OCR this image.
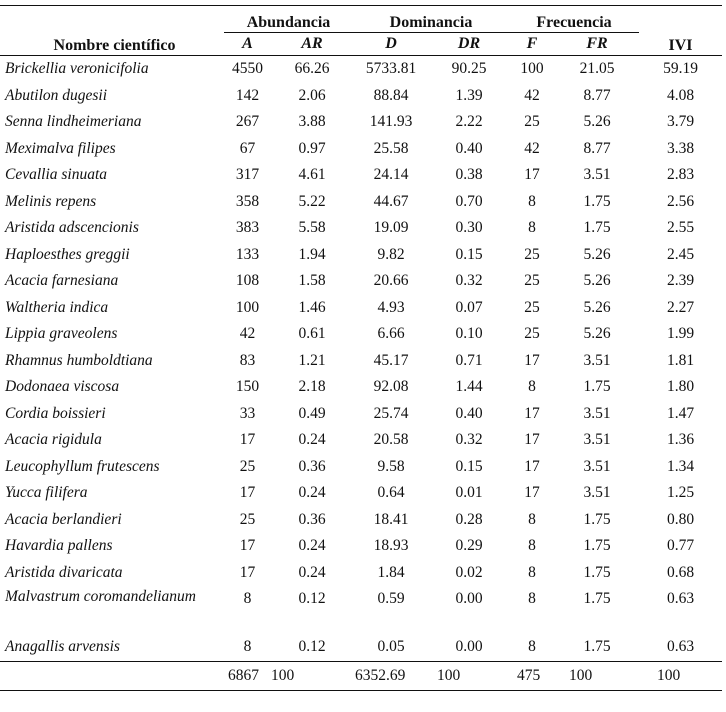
Nombre científico	Abundancia		Dominancia		Frecuencia		IVI
	A	AR	D	DR	F	FR	
Brickellia veronicifolia	4550	66.26	5733.81	90.25	100	21.05	59.19
Abutilon dugesii	142	2.06	88.84	1.39	42	8.77	4.08
Senna lindheimeriana	267	3.88	141.93	2.22	25	5.26	3.79
Meximalva filipes	67	0.97	25.58	0.40	42	8.77	3.38
Cevallia sinuata	317	4.61	24.14	0.38	17	3.51	2.83
Melinis repens	358	5.22	44.67	0.70	8	1.75	2.56
Aristida adscencionis	383	5.58	19.09	0.30	8	1.75	2.55
Haploesthes greggii	133	1.94	9.82	0.15	25	5.26	2.45
Acacia farnesiana	108	1.58	20.66	0.32	25	5.26	2.39
Waltheria indica	100	1.46	4.93	0.07	25	5.26	2.27
Lippia graveolens	42	0.61	6.66	0.10	25	5.26	1.99
Rhamnus humboldtiana	83	1.21	45.17	0.71	17	3.51	1.81
Dodonaea viscosa	150	2.18	92.08	1.44	8	1.75	1.80
Cordia boissieri	33	0.49	25.74	0.40	17	3.51	1.47
Acacia rigidula	17	0.24	20.58	0.32	17	3.51	1.36
Leucophyllum frutescens	25	0.36	9.58	0.15	17	3.51	1.34
Yucca filifera	17	0.24	0.64	0.01	17	3.51	1.25
Acacia berlandieri	25	0.36	18.41	0.28	8	1.75	0.80
Havardia pallens	17	0.24	18.93	0.29	8	1.75	0.77
Aristida divaricata	17	0.24	1.84	0.02	8	1.75	0.68
Malvastrum coromandelianum	8	0.12	0.59	0.00	8	1.75	0.63
Anagallis arvensis	8	0.12	0.05	0.00	8	1.75	0.63
	6867	100	6352.69	100	475	100	100
